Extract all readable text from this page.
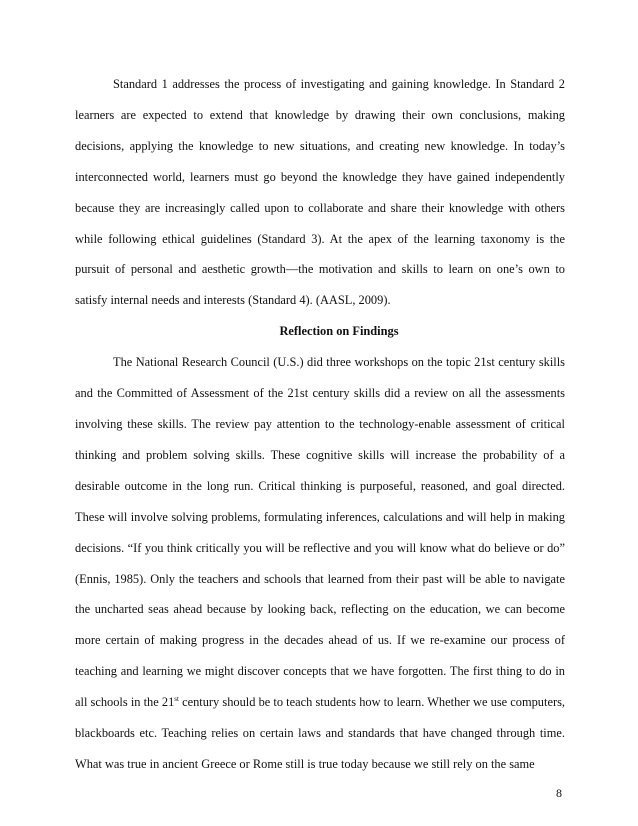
Standard 1 addresses the process of investigating and gaining knowledge. In Standard 2 learners are expected to extend that knowledge by drawing their own conclusions, making decisions, applying the knowledge to new situations, and creating new knowledge. In today’s interconnected world, learners must go beyond the knowledge they have gained independently because they are increasingly called upon to collaborate and share their knowledge with others while following ethical guidelines (Standard 3). At the apex of the learning taxonomy is the pursuit of personal and aesthetic growth—the motivation and skills to learn on one’s own to satisfy internal needs and interests (Standard 4). (AASL, 2009).

Reflection on Findings

The National Research Council (U.S.) did three workshops on the topic 21st century skills and the Committed of Assessment of the 21st century skills did a review on all the assessments involving these skills. The review pay attention to the technology-enable assessment of critical thinking and problem solving skills. These cognitive skills will increase the probability of a desirable outcome in the long run. Critical thinking is purposeful, reasoned, and goal directed. These will involve solving problems, formulating inferences, calculations and will help in making decisions. “If you think critically you will be reflective and you will know what do believe or do” (Ennis, 1985). Only the teachers and schools that learned from their past will be able to navigate the uncharted seas ahead because by looking back, reflecting on the education, we can become more certain of making progress in the decades ahead of us. If we re-examine our process of teaching and learning we might discover concepts that we have forgotten. The first thing to do in all schools in the 21st century should be to teach students how to learn. Whether we use computers, blackboards etc. Teaching relies on certain laws and standards that have changed through time. What was true in ancient Greece or Rome still is true today because we still rely on the same

8
